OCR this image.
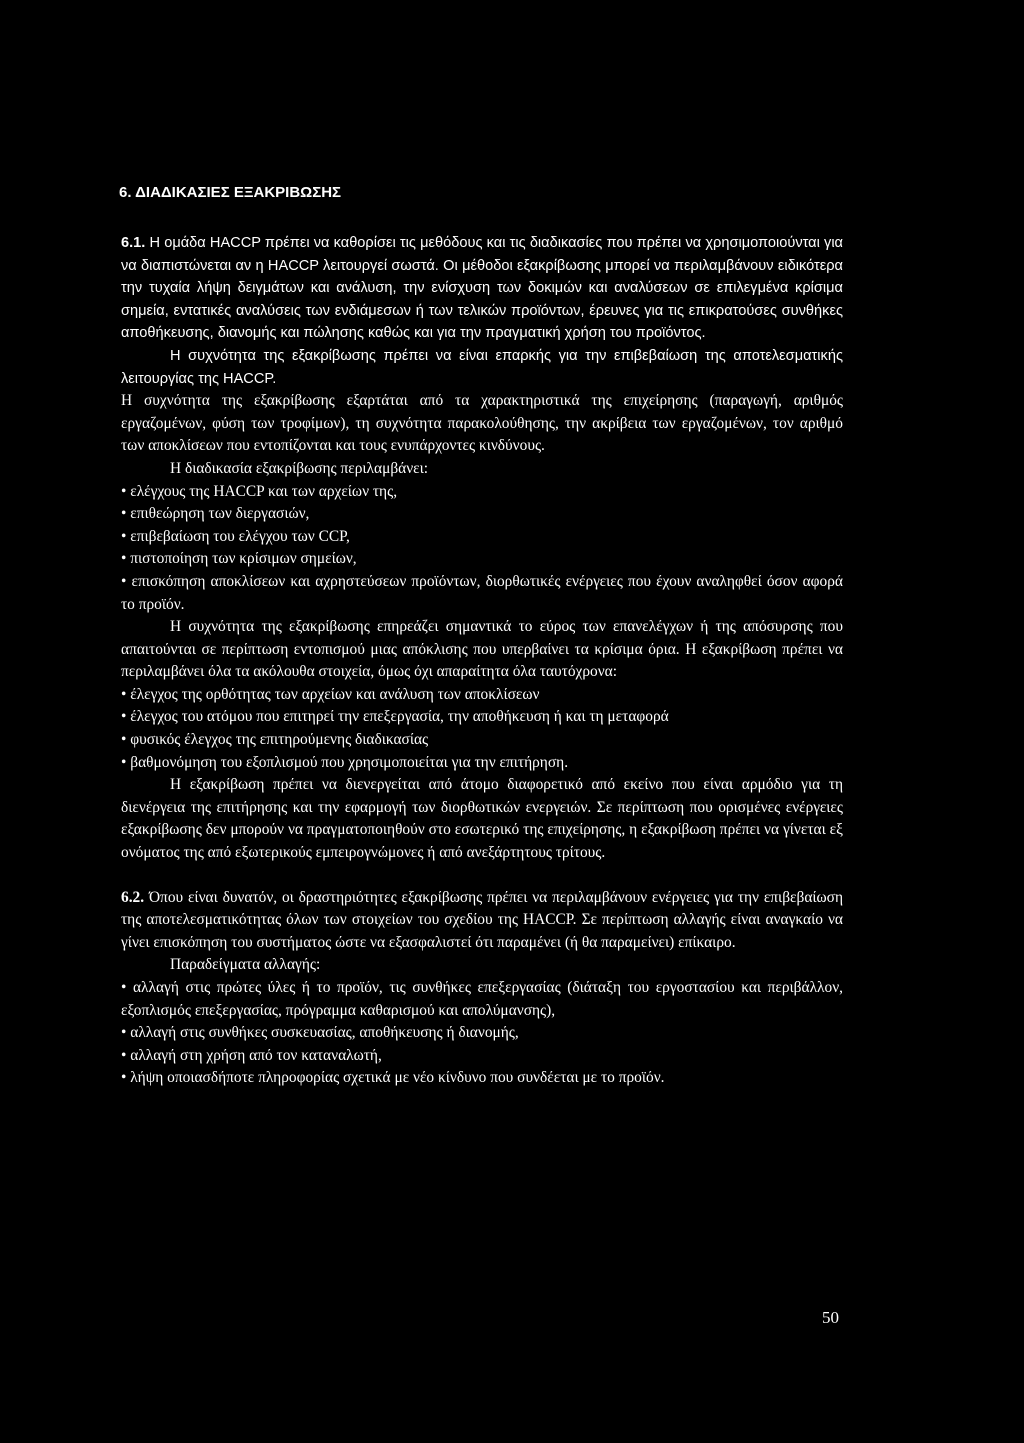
6. ΔΙΑΔΙΚΑΣΙΕΣ ΕΞΑΚΡΙΒΩΣΗΣ

6.1. Η ομάδα HACCP πρέπει να καθορίσει τις μεθόδους και τις διαδικασίες που πρέπει να χρησιμοποιούνται για να διαπιστώνεται αν η HACCP λειτουργεί σωστά. Οι μέθοδοι εξακρίβωσης μπορεί να περιλαμβάνουν ειδικότερα την τυχαία λήψη δειγμάτων και ανάλυση, την ενίσχυση των δοκιμών και αναλύσεων σε επιλεγμένα κρίσιμα σημεία, εντατικές αναλύσεις των ενδιάμεσων ή των τελικών προϊόντων, έρευνες για τις επικρατούσες συνθήκες αποθήκευσης, διανομής και πώλησης καθώς και για την πραγματική χρήση του προϊόντος.

Η συχνότητα της εξακρίβωσης πρέπει να είναι επαρκής για την επιβεβαίωση της αποτελεσματικής λειτουργίας της HACCP.

Η συχνότητα της εξακρίβωσης εξαρτάται από τα χαρακτηριστικά της επιχείρησης (παραγωγή, αριθμός εργαζομένων, φύση των τροφίμων), τη συχνότητα παρακολούθησης, την ακρίβεια των εργαζομένων, τον αριθμό των αποκλίσεων που εντοπίζονται και τους ενυπάρχοντες κινδύνους.

Η διαδικασία εξακρίβωσης περιλαμβάνει:

• ελέγχους της HACCP και των αρχείων της,

• επιθεώρηση των διεργασιών,

• επιβεβαίωση του ελέγχου των CCP,

• πιστοποίηση των κρίσιμων σημείων,

• επισκόπηση αποκλίσεων και αχρηστεύσεων προϊόντων, διορθωτικές ενέργειες που έχουν αναληφθεί όσον αφορά το προϊόν.

Η συχνότητα της εξακρίβωσης επηρεάζει σημαντικά το εύρος των επανελέγχων ή της απόσυρσης που απαιτούνται σε περίπτωση εντοπισμού μιας απόκλισης που υπερβαίνει τα κρίσιμα όρια. Η εξακρίβωση πρέπει να περιλαμβάνει όλα τα ακόλουθα στοιχεία, όμως όχι απαραίτητα όλα ταυτόχρονα:

• έλεγχος της ορθότητας των αρχείων και ανάλυση των αποκλίσεων

• έλεγχος του ατόμου που επιτηρεί την επεξεργασία, την αποθήκευση ή και τη μεταφορά

• φυσικός έλεγχος της επιτηρούμενης διαδικασίας

• βαθμονόμηση του εξοπλισμού που χρησιμοποιείται για την επιτήρηση.

Η εξακρίβωση πρέπει να διενεργείται από άτομο διαφορετικό από εκείνο που είναι αρμόδιο για τη διενέργεια της επιτήρησης και την εφαρμογή των διορθωτικών ενεργειών. Σε περίπτωση που ορισμένες ενέργειες εξακρίβωσης δεν μπορούν να πραγματοποιηθούν στο εσωτερικό της επιχείρησης, η εξακρίβωση πρέπει να γίνεται εξ ονόματος της από εξωτερικούς εμπειρογνώμονες ή από ανεξάρτητους τρίτους.

6.2. Όπου είναι δυνατόν, οι δραστηριότητες εξακρίβωσης πρέπει να περιλαμβάνουν ενέργειες για την επιβεβαίωση της αποτελεσματικότητας όλων των στοιχείων του σχεδίου της HACCP. Σε περίπτωση αλλαγής είναι αναγκαίο να γίνει επισκόπηση του συστήματος ώστε να εξασφαλιστεί ότι παραμένει (ή θα παραμείνει) επίκαιρο.

Παραδείγματα αλλαγής:

• αλλαγή στις πρώτες ύλες ή το προϊόν, τις συνθήκες επεξεργασίας (διάταξη του εργοστασίου και περιβάλλον, εξοπλισμός επεξεργασίας, πρόγραμμα καθαρισμού και απολύμανσης),

• αλλαγή στις συνθήκες συσκευασίας, αποθήκευσης ή διανομής,

• αλλαγή στη χρήση από τον καταναλωτή,

• λήψη οποιασδήποτε πληροφορίας σχετικά με νέο κίνδυνο που συνδέεται με το προϊόν.

50
